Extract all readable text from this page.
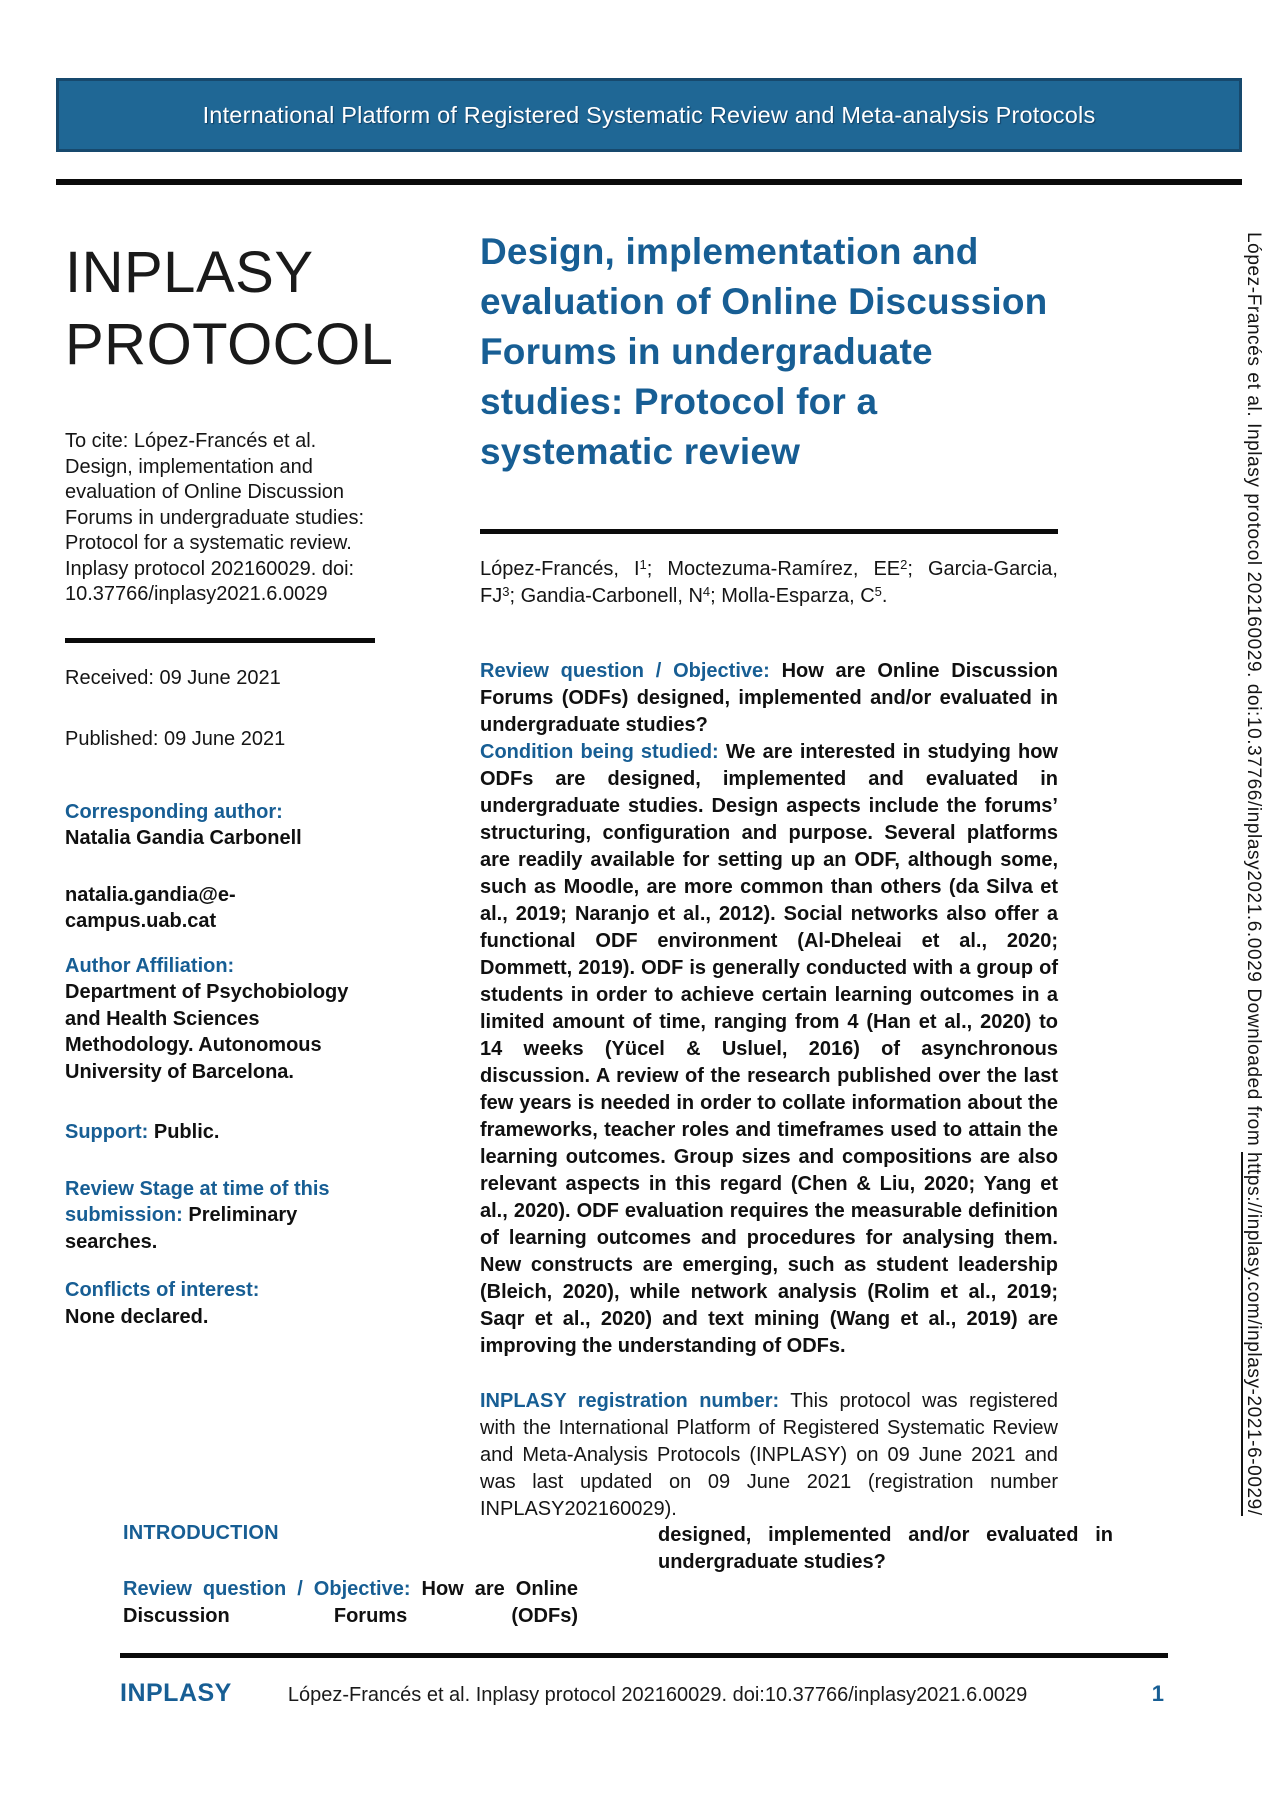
International Platform of Registered Systematic Review and Meta-analysis Protocols
INPLASY
PROTOCOL

To cite: López-Francés et al. Design, implementation and evaluation of Online Discussion Forums in undergraduate studies: Protocol for a systematic review. Inplasy protocol 202160029. doi: 10.37766/inplasy2021.6.0029

Received: 09 June 2021

Published: 09 June 2021

Corresponding author:
Natalia Gandia Carbonell
natalia.gandia@e-campus.uab.cat
Author Affiliation:
Department of Psychobiology and Health Sciences Methodology. Autonomous University of Barcelona.
Support: Public.
Review Stage at time of this submission: Preliminary searches.
Conflicts of interest:
None declared.
Design, implementation and evaluation of Online Discussion Forums in undergraduate studies: Protocol for a systematic review

López-Francés, $I^1$; Moctezuma-Ramírez, $EE^2$; Garcia-Garcia, $FJ^3$; Gandia-Carbonell, $N^4$; Molla-Esparza, $C^5$.

Review question / Objective: How are Online Discussion Forums (ODFs) designed, implemented and/or evaluated in undergraduate studies?

Condition being studied: We are interested in studying how ODFs are designed, implemented and evaluated in undergraduate studies. Design aspects include the forums’ structuring, configuration and purpose. Several platforms are readily available for setting up an ODF, although some, such as Moodle, are more common than others (da Silva et al., 2019; Naranjo et al., 2012). Social networks also offer a functional ODF environment (Al-Dheleai et al., 2020; Dommett, 2019). ODF is generally conducted with a group of students in order to achieve certain learning outcomes in a limited amount of time, ranging from 4 (Han et al., 2020) to 14 weeks (Yücel & Usluel, 2016) of asynchronous discussion. A review of the research published over the last few years is needed in order to collate information about the frameworks, teacher roles and timeframes used to attain the learning outcomes. Group sizes and compositions are also relevant aspects in this regard (Chen & Liu, 2020; Yang et al., 2020). ODF evaluation requires the measurable definition of learning outcomes and procedures for analysing them. New constructs are emerging, such as student leadership (Bleich, 2020), while network analysis (Rolim et al., 2019; Saqr et al., 2020) and text mining (Wang et al., 2019) are improving the understanding of ODFs.

INPLASY registration number: This protocol was registered with the International Platform of Registered Systematic Review and Meta-Analysis Protocols (INPLASY) on 09 June 2021 and was last updated on 09 June 2021 (registration number INPLASY202160029).

INTRODUCTION

Review question / Objective: How are Online Discussion Forums (ODFs)

designed, implemented and/or evaluated in undergraduate studies?

INPLASY	López-Francés et al. Inplasy protocol 202160029. doi:10.37766/inplasy2021.6.0029	1
López-Francés et al. Inplasy protocol 202160029. doi:10.37766/inplasy2021.6.0029 Downloaded from https://inplasy.com/inplasy-2021-6-0029/
